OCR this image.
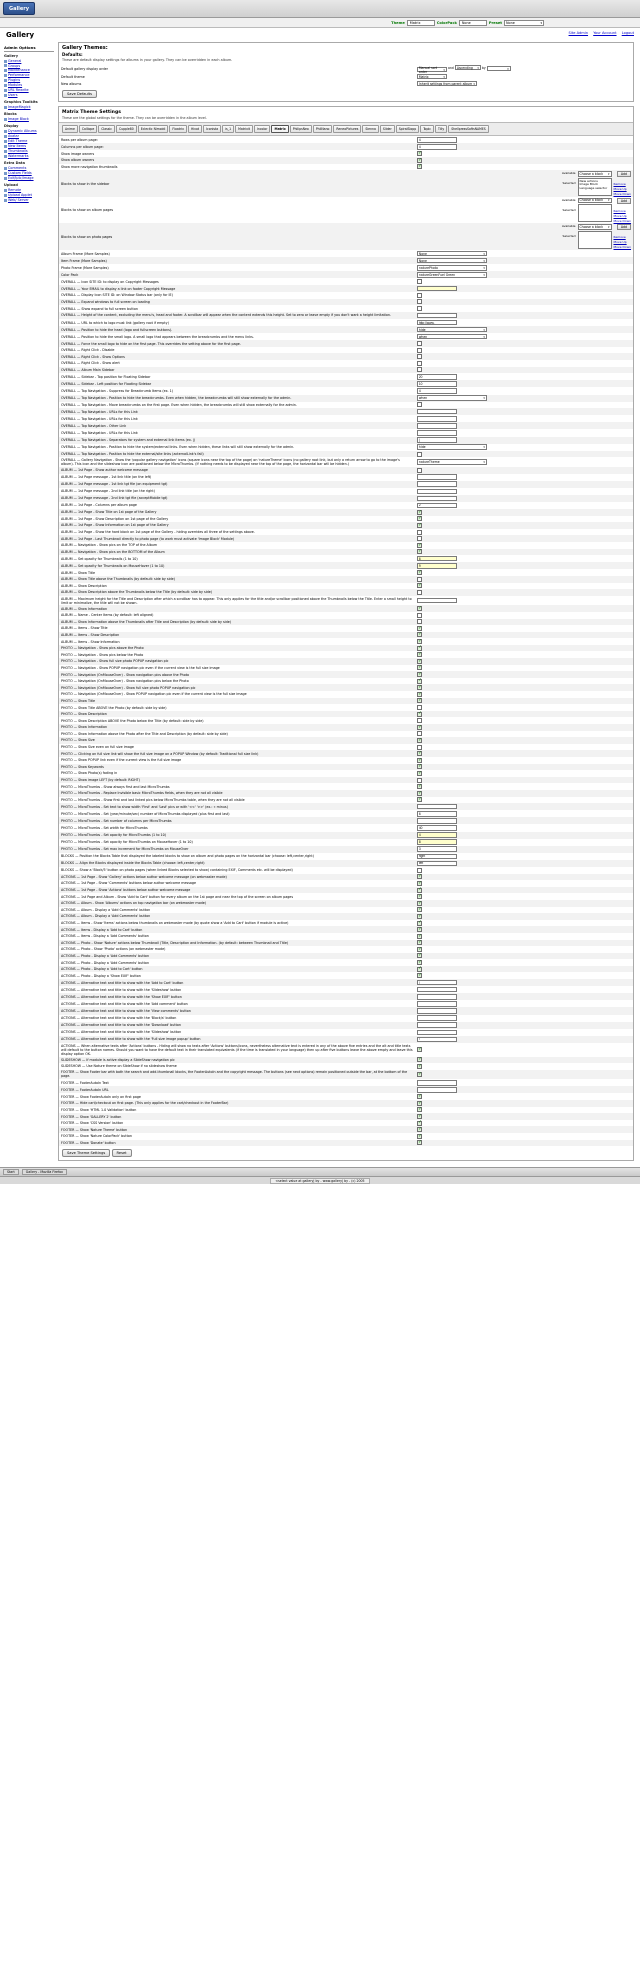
Gallery
Theme	Matrix	ColorPack	None	Preset None	▾
Gallery	Site Admin Your Account Logout
Admin Options
Gallery
General
Groups
Maintenance
Performance
Plugins
Modules
URL Rewrite
Users
Graphics Toolkits
ImageMagick
Blocks
Image Block
Display
Dynamic Albums
Avatar
Edit Theme
New Items
Thumbnails
Watermarks
Extra Data
Comments
Custom Fields
Exif/Iptc/Image
Upload
Remote
Upload Applet
Web/ Server
Gallery Themes:
Defaults:
These are default display settings for albums in your gallery. They can be overridden in each album.
Default gallery display order	Manual sort order	▾ and Ascending ▾ by	▾

Default theme	Matrix ▾

New albums	Inherit settings from parent album ▾
Save Defaults
Matrix Theme Settings
These are the global settings for the theme. They can be overridden in the album level.
Anime	Calliope	Classic	Cupple80	Eclectic Nimoidi	Floatrix	Hivot	Iconista	is_1	Matrixit	Incolor	Matrix	PhilipsNeo	PhilNano	ReneoPictures	Sienna	Slider	SpiralSlopp	Topic	Tilly	ShellpressSoftsNAMES
Rows per album page:	4
Columns per album page:	4
Show image owners	✓
Show album owners	✓
Show more navigation thumbnails	✓
Blocks to show in the sidebar	
Available
Selected
Choose a block ▾
New actions
Image Block
Language selector
Add
Remove
Move Up
Move Down

Blocks to show on album pages	
Available
Selected
Choose a block ▾	Add
Remove
Move Up
Move Down

Blocks to show on photo pages	
Available
Selected
Choose a block ▾	Add
Remove
Move Up
Move Down

Album Frame (More Samples)	None ▾

Item Frame (More Samples)	None ▾

Photo Frame (More Samples)	naturePhoto ▾

Color Pack	natureGreenFuel Green ▾

OVERALL — Icon SITE ID: to display on Copyright Messages	
OVERALL — Your EMAIL to display a link on footer Copyright Message	
OVERALL — Display Icon SITE ID: on Window Status bar (only for IE)	
OVERALL — Expand windows to full screen on loading	
OVERALL — Show expand to full screen button	
OVERALL — Height of the content, excluding the menu's, head and footer. A scrollbar will appear when the content extends this height. Set to zero or leave empty if you don't want a height limitation.	
OVERALL — URL to which to logo must link (gallery root if empty)	http://www.
OVERALL — Position to hide the head (logo and fullscreen buttons).	hide ▾

OVERALL — Position to hide the small logo. A small logo that appears between the breadcrumbs and the menu links.	when ▾

OVERALL — Force the small logo to hide on the first page. This overrides the setting above for the first page.	
OVERALL — Right Click - Disable	
OVERALL — Right Click - Show Options	
OVERALL — Right Click - Show alert	
OVERALL — Album Main Sidebar	
OVERALL — Sidebar - Top position for Floating Sidebar	20
OVERALL — Sidebar - Left position for Floating Sidebar	10
OVERALL — Top Navigation - Suppress for Breadcrumb Items (ex. 1)	4
OVERALL — Top Navigation - Position to hide the breadcrumbs. Even when hidden, the breadcrumbs will still show externally for the admin.	when ▾

OVERALL — Top Navigation - Move breadcrumbs on the first page. Even when hidden, the breadcrumbs will still show externally for the admin.	
OVERALL — Top Navigation - URLs for this Link	
OVERALL — Top Navigation - URLs for this Link	
OVERALL — Top Navigation - Other Link	
OVERALL — Top Navigation - URLs for this Link	
OVERALL — Top Navigation - Separators for system and external link items (ex. |)	|
OVERALL — Top Navigation - Position to hide the system/external links. Even when hidden, these links will still show externally for the admin.	hide ▾

OVERALL — Top Navigation - Position to hide the external/site links (acternalLink's fail)	
OVERALL — Gallery Navigation - Show the 'popular gallery navigation' icons (square icons near the top of the page) on 'natureTheme' icons (no gallery root link, but only a return arrow to go to the image's album). This icon and the slideshow icon are positioned below the MicroThumbs. (If nothing needs to be displayed near the top of the page, the horizontal bar will be hidden.)	natureTheme ▾

ALBUM — 1st Page - Show author welcome message	
ALBUM — 1st Page message - 1st link title (on the left)	
ALBUM — 1st Page message - 1st link tgt file (on equipment tgt)	
ALBUM — 1st Page message - 2nd link title (on the right)	
ALBUM — 1st Page message - 2nd link tgt file (acceptMobile tgt)	
ALBUM — 1st Page - Columns per album page	2
ALBUM — 1st Page - Show Title on 1st page of the Gallery	✓
ALBUM — 1st Page - Show Description on 1st page of the Gallery	✓
ALBUM — 1st Page - Show Information on 1st page of the Gallery	✓
ALBUM — 1st Page - Show the hard block on 1st page of the Gallery - hiding overrides all three of the settings above.	
ALBUM — 1st Page - Last Thumbnail directly to photo page (to work must activate 'Image Block' Module)	
ALBUM — Navigation - Show pics on the TOP of the Album	✓
ALBUM — Navigation - Show pics on the BOTTOM of the Album	✓
ALBUM — Set opacity for Thumbnails (1 to 10)	6
ALBUM — Set opacity for Thumbnails on MouseHover (1 to 10)	9
ALBUM — Show Title	✓
ALBUM — Show Title above the Thumbnails (by default: side by side)	
ALBUM — Show Description	✓
ALBUM — Show Description above the Thumbnails below the Title (by default: side by side)	
ALBUM — Maximum height for the Title and Description after which a scrollbar has to appear. This only applies for the title and/or scrollbar positioned above the Thumbnails below the Title. Enter a small height to limit or minimalize, the title will not be shown.	
ALBUM — Show Information	✓
ALBUM — Name - Center Items (by default: left aligned)	
ALBUM — Show Information above the Thumbnails after Title and Description (by default: side by side)	
ALBUM — Items - Show Title	✓
ALBUM — Items - Show Description	✓
ALBUM — Items - Show Information	✓
PHOTO — Navigation - Show pics above the Photo	✓
PHOTO — Navigation - Show pics below the Photo	✓
PHOTO — Navigation - Show full size photo POPUP navigation pic	✓
PHOTO — Navigation - Show POPUP navigation pic even if the current view is the full size image	✓
PHOTO — Navigation (OnMouseOver) - Show navigation pics above the Photo	✓
PHOTO — Navigation (OnMouseOver) - Show navigation pics below the Photo	✓
PHOTO — Navigation (OnMouseOver) - Show full size photo POPUP navigation pic	✓
PHOTO — Navigation (OnMouseOver) - Show POPUP navigation pic even if the current view is the full size image	✓
PHOTO — Show Title	✓
PHOTO — Show Title ABOVE the Photo (by default: side by side)	
PHOTO — Show Description	✓
PHOTO — Show Description ABOVE the Photo below the Title (by default: side by side)	
PHOTO — Show Information	✓
PHOTO — Show Information above the Photo after the Title and Description (by default: side by side)	
PHOTO — Show Size	✓
PHOTO — Show Size even on full size image	
PHOTO — Clicking on full size link will show the full size image on a POPUP Window (by default: Traditional full size link)	✓
PHOTO — Show POPUP link even if the current view is the full size image	✓
PHOTO — Show Keywords	✓
PHOTO — Show Photo(s) fading in	✓
PHOTO — Show image LEFT (by default: RIGHT)	
PHOTO — MicroThumbs - Show always first and last MicroThumbs	✓
PHOTO — MicroThumbs - Replace Invisible basic MicroThumbs fields, when they are not all visible	✓
PHOTO — MicroThumbs - Show first and last linked pics below MicroThumbs table, when they are not all visible	✓
PHOTO — MicroThumbs - Set text to show width 'First' and 'Last' pics or with '<<' '>>' (ex.: « minus)	
PHOTO — MicroThumbs - Set (year/minute/sec) number of MicroThumbs displayed (plus first and last)	6
PHOTO — MicroThumbs - Set number of columns per MicroThumbs	
PHOTO — MicroThumbs - Set width for MicroThumbs	40
PHOTO — MicroThumbs - Set opacity for MicroThumbs (1 to 10)	4
PHOTO — MicroThumbs - Set opacity for MicroThumbs on MouseHover (1 to 10)	8
PHOTO — MicroThumbs - Set max increment for MicroThumbs on MouseOver	3
BLOCKS — Position the Blocks Table that displayed the labeled blocks to show on album and photo pages on the horizontal bar (choose: left,center,right)	right
BLOCKS — Align the Blocks displayed inside the Blocks Table (choose: left,center,right)	left
BLOCKS — Show a 'Block/5' button on photo pages (when linked Blocks selected to show) containing EXIF, Comments etc. will be displayed)	
ACTIONS — 1st Page - Show 'Gallery' actions below author welcome message (on webmaster mode)	✓
ACTIONS — 1st Page - Show 'Comments' buttons below author welcome message	✓
ACTIONS — 1st Page - Show 'Actions' buttons below author welcome message	✓
ACTIONS — 1st Page and Album - Show 'Add to Cart' button for every album on the 1st page and near the top of the screen on album pages	✓
ACTIONS — Album - Show 'Albums' actions on top navigation bar (on webmaster mode)	✓
ACTIONS — Album - Display a 'Add Comments' button	✓
ACTIONS — Album - Display a 'Add Comments' button	✓
ACTIONS — Items - Show 'Items' actions below thumbnails on webmaster mode (by quote show a 'Add to Cart' button if module is active)	✓
ACTIONS — Items - Display a 'Add to Cart' button	✓
ACTIONS — Items - Display a 'Add Comments' button	✓
ACTIONS — Photo - Show 'Nature' actions below Thumbnail (Title, Description and Information. (by default: between Thumbnail and Title)	✓
ACTIONS — Photo - Show 'Photo' actions (on webmaster mode)	✓
ACTIONS — Photo - Display a 'Add Comments' button	✓
ACTIONS — Photo - Display a 'Add Comments' button	✓
ACTIONS — Photo - Display a 'Add to Cart' button	✓
ACTIONS — Photo - Display a 'Show EXIF' button	✓
ACTIONS — Alternative text and title to show with the 'Add to Cart' button	/
ACTIONS — Alternative text and title to show with the 'Slideshow' button	
ACTIONS — Alternative text and title to show with the 'Show EXIF' button	
ACTIONS — Alternative text and title to show with the 'Add comment' button	
ACTIONS — Alternative text and title to show with the 'View comments' button	
ACTIONS — Alternative text and title to show with the 'Block/s' button	
ACTIONS — Alternative text and title to show with the 'Download' button	
ACTIONS — Alternative text and title to show with the 'Slideshow' button	
ACTIONS — Alternative text and title to show with the 'Full size image popup' button	/
ACTIONS — When alternative texts after 'Actions' buttons - Hiding will show no texts after 'Actions' buttons/icons, nevertheless alternative text is entered in any of the above five entries and the alt and title texts will default to the button names. Should you want to have the default text in their translated equivalents (if the time is translated in your language) then up after five buttons leave the above empty and leave this display option OK.	✓
SLIDESHOW — If module is active display a SlideShow navigation pic	✓
SLIDESHOW — Use Nature theme on SlideShow if no slideshow theme	✓
FOOTER — Show Footer bar with both the search and add-thumbnail blocks, the FooterAutoIn and the copyright message. The buttons (see next options) remain positioned outside the bar, at the bottom of the page.	✓
FOOTER — FooterAutoIn Text	
FOOTER — FooterAutoIn URL	
FOOTER — Show FooterAutoIn only on first page	✓
FOOTER — Hide cart/checkout on first page. (This only applies for the cart/checkout in the FooterBar)	✓
FOOTER — Show 'HTML 1.0 Validation' button	✓
FOOTER — Show 'GALLERY 2' button	✓
FOOTER — Show 'CSS Version' button	✓
FOOTER — Show 'Nature Theme' button	✓
FOOTER — Show 'Nature ColorPack' button	✓
FOOTER — Show 'Donate' button	✓
Save Theme Settings	Reset
Start	Gallery - Mozilla Firefox
<select value at gallery| by - www.gallery| by - (c) 2005
